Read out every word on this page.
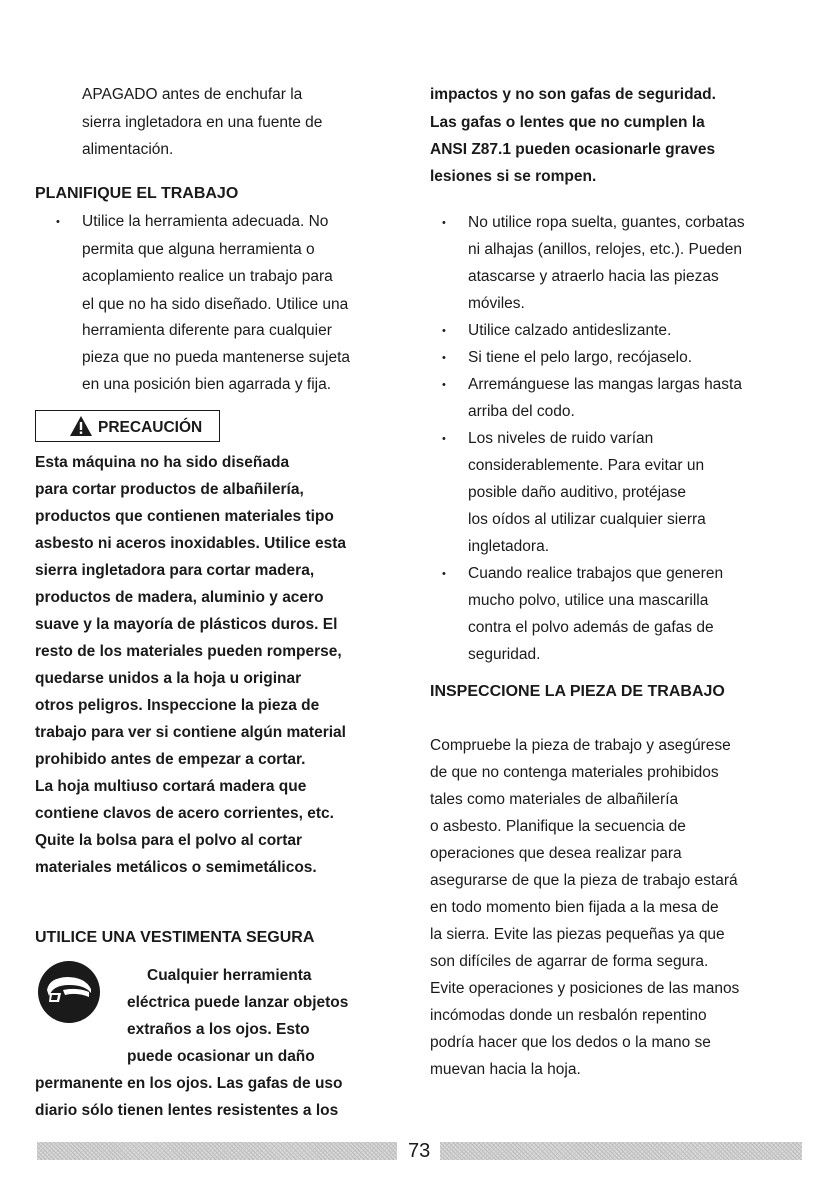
APAGADO antes de enchufar la
sierra ingletadora en una fuente de
alimentación.
PLANIFIQUE EL TRABAJO
• Utilice la herramienta adecuada. No
permita que alguna herramienta o
acoplamiento realice un trabajo para
el que no ha sido diseñado. Utilice una
herramienta diferente para cualquier
pieza que no pueda mantenerse sujeta
en una posición bien agarrada y fija.
PRECAUCIÓN
Esta máquina no ha sido diseñada
para cortar productos de albañilería,
productos que contienen materiales tipo
asbesto ni aceros inoxidables. Utilice esta
sierra ingletadora para cortar madera,
productos de madera, aluminio y acero
suave y la mayoría de plásticos duros. El
resto de los materiales pueden romperse,
quedarse unidos a la hoja u originar
otros peligros. Inspeccione la pieza de
trabajo para ver si contiene algún material
prohibido antes de empezar a cortar.
La hoja multiuso cortará madera que
contiene clavos de acero corrientes, etc.
Quite la bolsa para el polvo al cortar
materiales metálicos o semimetálicos.
UTILICE UNA VESTIMENTA SEGURA
Cualquier herramienta
eléctrica puede lanzar objetos
extraños a los ojos. Esto
puede ocasionar un daño
permanente en los ojos. Las gafas de uso
diario sólo tienen lentes resistentes a los
impactos y no son gafas de seguridad.
Las gafas o lentes que no cumplen la
ANSI Z87.1 pueden ocasionarle graves
lesiones si se rompen.
• No utilice ropa suelta, guantes, corbatas
ni alhajas (anillos, relojes, etc.). Pueden
atascarse y atraerlo hacia las piezas
móviles.
• Utilice calzado antideslizante.
• Si tiene el pelo largo, recójaselo.
• Arremánguese las mangas largas hasta
arriba del codo.
• Los niveles de ruido varían
considerablemente. Para evitar un
posible daño auditivo, protéjase
los oídos al utilizar cualquier sierra
ingletadora.
• Cuando realice trabajos que generen
mucho polvo, utilice una mascarilla
contra el polvo además de gafas de
seguridad.
INSPECCIONE LA PIEZA DE TRABAJO
Compruebe la pieza de trabajo y asegúrese
de que no contenga materiales prohibidos
tales como materiales de albañilería
o asbesto. Planifique la secuencia de
operaciones que desea realizar para
asegurarse de que la pieza de trabajo estará
en todo momento bien fijada a la mesa de
la sierra. Evite las piezas pequeñas ya que
son difíciles de agarrar de forma segura.
Evite operaciones y posiciones de las manos
incómodas donde un resbalón repentino
podría hacer que los dedos o la mano se
muevan hacia la hoja.
73
